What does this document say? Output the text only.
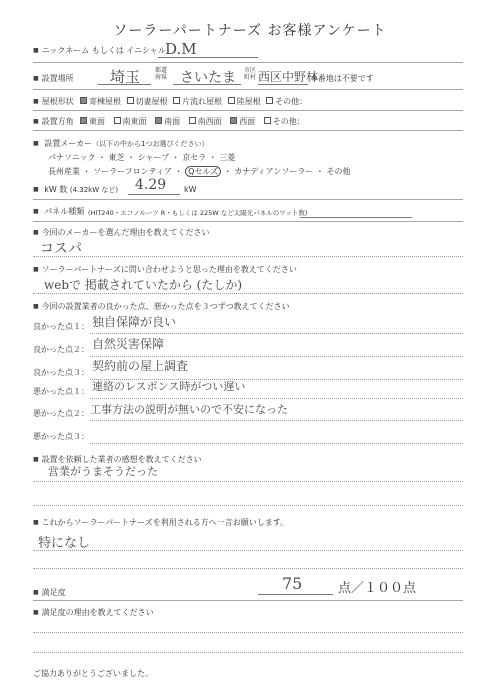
ソーラーパートナーズ お客様アンケート
■ ニックネーム もしくは イニシャル D.M
■ 設置場所 埼玉 都道
府県 さいたま 市区
町村 西区中野林
※番地は不要です
■ 屋根形状	寄棟屋根 切妻屋根 片流れ屋根 陸屋根 その他：
■ 設置方角	東面 南東面 南面 南西面 西面 その他：
■ 設置メーカー（以下の中から1つお選びください）
パナソニック ・ 東芝 ・ シャープ ・ 京セラ ・ 三菱
長州産業 ・ ソーラーフロンティア ・ Qセルズ ・ カナディアンソーラー ・ その他
■ kW 数 (4.32kW など) 4.29 kW
■ パネル種類 (HIT240・エコノルーツ R・もしくは 225W など太陽光パネルのワット数)
■ 今回のメーカーを選んだ理由を教えてください
コスパ
■ ソーラーパートナーズに問い合わせようと思った理由を教えてください
webで 掲載されていたから (たしか)
■ 今回の設置業者の良かった点、悪かった点を３つずつ教えてください
良かった点１： 独自保障が良い
良かった点２： 自然災害保障
良かった点３： 契約前の屋上調査
悪かった点１： 連絡のレスポンス時がつい遅い
悪かった点２： 工事方法の説明が無いので不安になった
悪かった点３：
■ 設置を依頼した業者の感想を教えてください
営業がうまそうだった
■ これからソーラーパートナーズを利用される方へ一言お願いします。
特になし
■ 満足度	75	点／１００点
■ 満足度の理由を教えてください
ご協力ありがとうございました。
